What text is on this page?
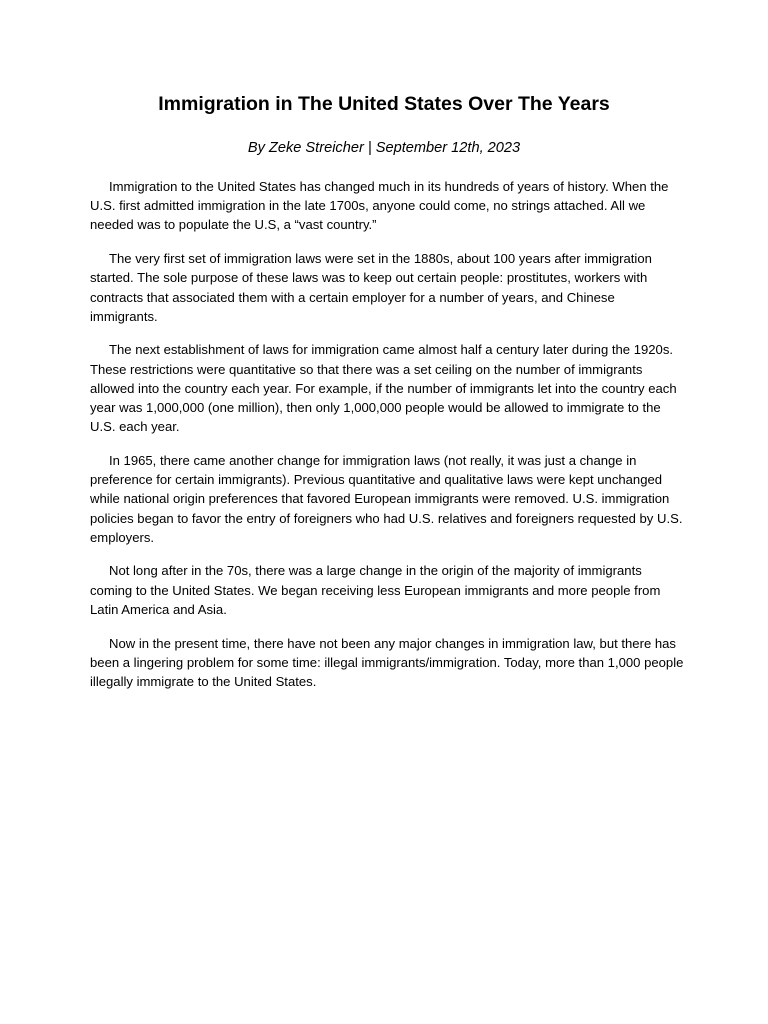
Immigration in The United States Over The Years

By Zeke Streicher | September 12th, 2023

Immigration to the United States has changed much in its hundreds of years of history. When the U.S. first admitted immigration in the late 1700s, anyone could come, no strings attached. All we needed was to populate the U.S, a “vast country.”

The very first set of immigration laws were set in the 1880s, about 100 years after immigration started. The sole purpose of these laws was to keep out certain people: prostitutes, workers with contracts that associated them with a certain employer for a number of years, and Chinese immigrants.

The next establishment of laws for immigration came almost half a century later during the 1920s. These restrictions were quantitative so that there was a set ceiling on the number of immigrants allowed into the country each year. For example, if the number of immigrants let into the country each year was 1,000,000 (one million), then only 1,000,000 people would be allowed to immigrate to the U.S. each year.

In 1965, there came another change for immigration laws (not really, it was just a change in preference for certain immigrants). Previous quantitative and qualitative laws were kept unchanged while national origin preferences that favored European immigrants were removed. U.S. immigration policies began to favor the entry of foreigners who had U.S. relatives and foreigners requested by U.S. employers.

Not long after in the 70s, there was a large change in the origin of the majority of immigrants coming to the United States. We began receiving less European immigrants and more people from Latin America and Asia.

Now in the present time, there have not been any major changes in immigration law, but there has been a lingering problem for some time: illegal immigrants/immigration. Today, more than 1,000 people illegally immigrate to the United States.
